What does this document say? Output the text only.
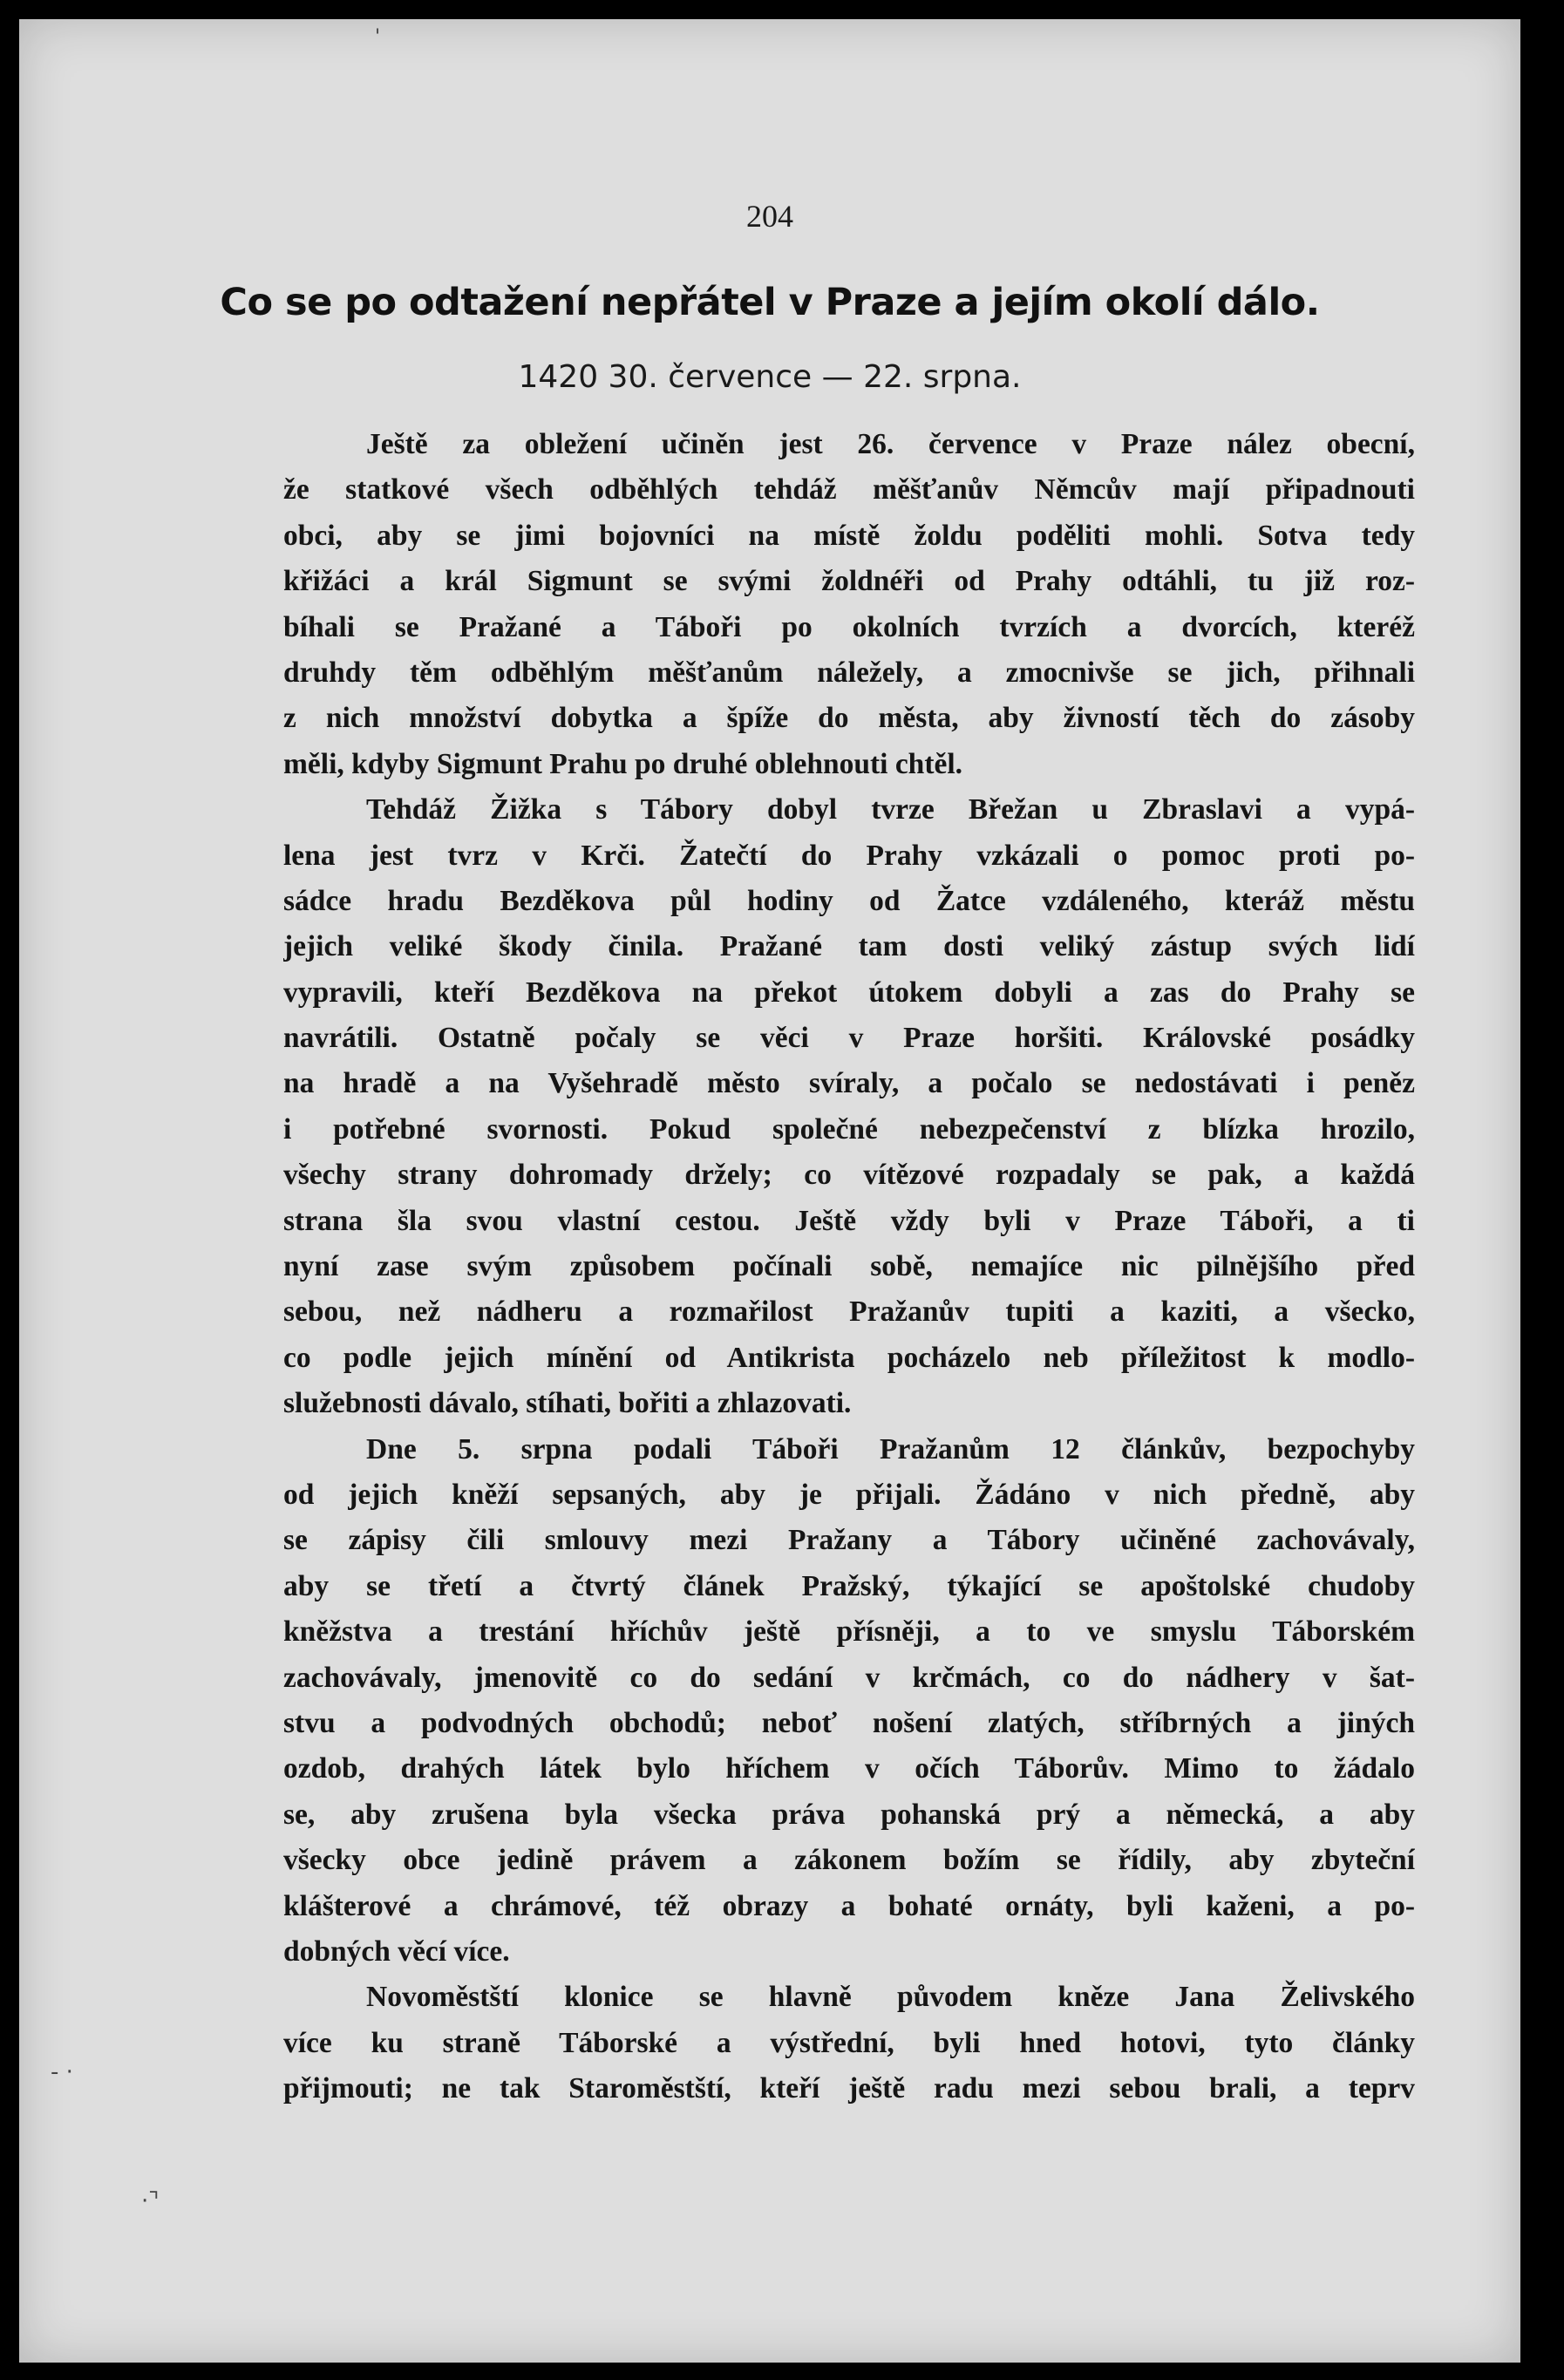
'
- ·
·⌝
204
Co se po odtažení nepřátel v Praze a jejím okolí dálo.
1420 30. července — 22. srpna.
Ještě za obležení učiněn jest 26. července v Praze nález obecní,
že statkové všech odběhlých tehdáž měšťanův Němcův mají připadnouti
obci, aby se jimi bojovníci na místě žoldu poděliti mohli. Sotva tedy
křižáci a král Sigmunt se svými žoldnéři od Prahy odtáhli, tu již roz-
bíhali se Pražané a Táboři po okolních tvrzích a dvorcích, kteréž
druhdy těm odběhlým měšťanům náležely, a zmocnivše se jich, přihnali
z nich množství dobytka a špíže do města, aby živností těch do zásoby
měli, kdyby Sigmunt Prahu po druhé oblehnouti chtěl.
Tehdáž Žižka s Tábory dobyl tvrze Břežan u Zbraslavi a vypá-
lena jest tvrz v Krči. Žatečtí do Prahy vzkázali o pomoc proti po-
sádce hradu Bezděkova půl hodiny od Žatce vzdáleného, kteráž městu
jejich veliké škody činila. Pražané tam dosti veliký zástup svých lidí
vypravili, kteří Bezděkova na překot útokem dobyli a zas do Prahy se
navrátili. Ostatně počaly se věci v Praze horšiti. Královské posádky
na hradě a na Vyšehradě město svíraly, a počalo se nedostávati i peněz
i potřebné svornosti. Pokud společné nebezpečenství z blízka hrozilo,
všechy strany dohromady držely; co vítězové rozpadaly se pak, a každá
strana šla svou vlastní cestou. Ještě vždy byli v Praze Táboři, a ti
nyní zase svým způsobem počínali sobě, nemajíce nic pilnějšího před
sebou, než nádheru a rozmařilost Pražanův tupiti a kaziti, a všecko,
co podle jejich mínění od Antikrista pocházelo neb příležitost k modlo-
služebnosti dávalo, stíhati, bořiti a zhlazovati.
Dne 5. srpna podali Táboři Pražanům 12 článkův, bezpochyby
od jejich kněží sepsaných, aby je přijali. Žádáno v nich předně, aby
se zápisy čili smlouvy mezi Pražany a Tábory učiněné zachovávaly,
aby se třetí a čtvrtý článek Pražský, týkající se apoštolské chudoby
kněžstva a trestání hříchův ještě přísněji, a to ve smyslu Táborském
zachovávaly, jmenovitě co do sedání v krčmách, co do nádhery v šat-
stvu a podvodných obchodů; neboť nošení zlatých, stříbrných a jiných
ozdob, drahých látek bylo hříchem v očích Táborův. Mimo to žádalo
se, aby zrušena byla všecka práva pohanská prý a německá, a aby
všecky obce jedině právem a zákonem božím se řídily, aby zbyteční
klášterové a chrámové, též obrazy a bohaté ornáty, byli kaženi, a po-
dobných věcí více.
Novoměstští klonice se hlavně původem kněze Jana Želivského
více ku straně Táborské a výstřední, byli hned hotovi, tyto články
přijmouti; ne tak Staroměstští, kteří ještě radu mezi sebou brali, a teprv
